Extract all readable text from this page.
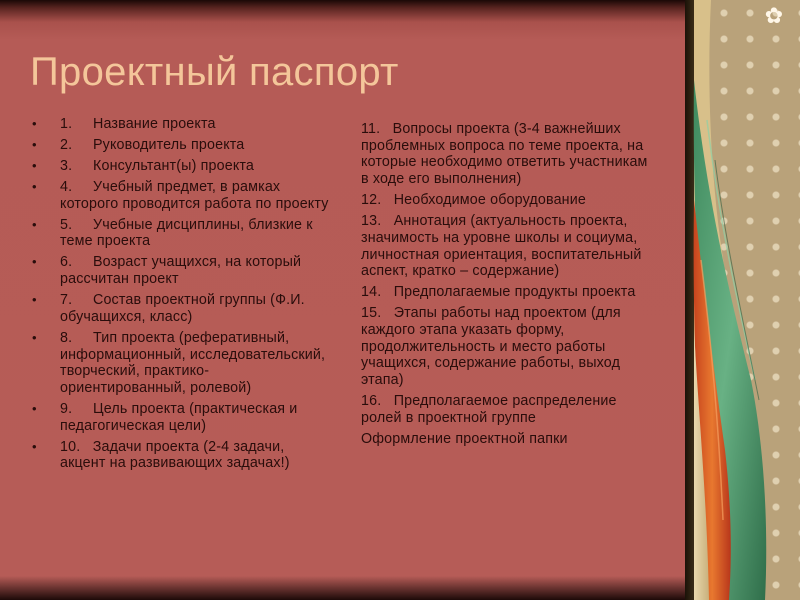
Проектный паспорт
• 1.	Название проекта
• 2.	Руководитель проекта
• 3.	Консультант(ы) проекта
• 4.	Учебный предмет, в рамках которого проводится работа по проекту
• 5.	Учебные дисциплины, близкие к теме проекта
• 6.	Возраст учащихся, на который рассчитан проект
• 7.	Состав проектной группы (Ф.И. обучащихся, класс)
• 8.	Тип проекта (реферативный, информационный, исследовательский, творческий, практико-ориентированный, ролевой)
• 9.	Цель проекта (практическая и педагогическая цели)
• 10.   Задачи проекта (2-4 задачи, акцент на развивающих задачах!)
11.   Вопросы проекта (3-4 важнейших проблемных вопроса по теме проекта, на которые необходимо ответить участникам в ходе его выполнения)
12.   Необходимое оборудование
13.   Аннотация (актуальность проекта, значимость на уровне школы и социума, личностная ориентация, воспитательный аспект, кратко – содержание)
14.   Предполагаемые продукты проекта
15.   Этапы работы над проектом (для каждого этапа указать форму, продолжительность и место работы учащихся, содержание работы, выход этапа)
16.   Предполагаемое распределение ролей в проектной группе
Оформление проектной папки
✿
